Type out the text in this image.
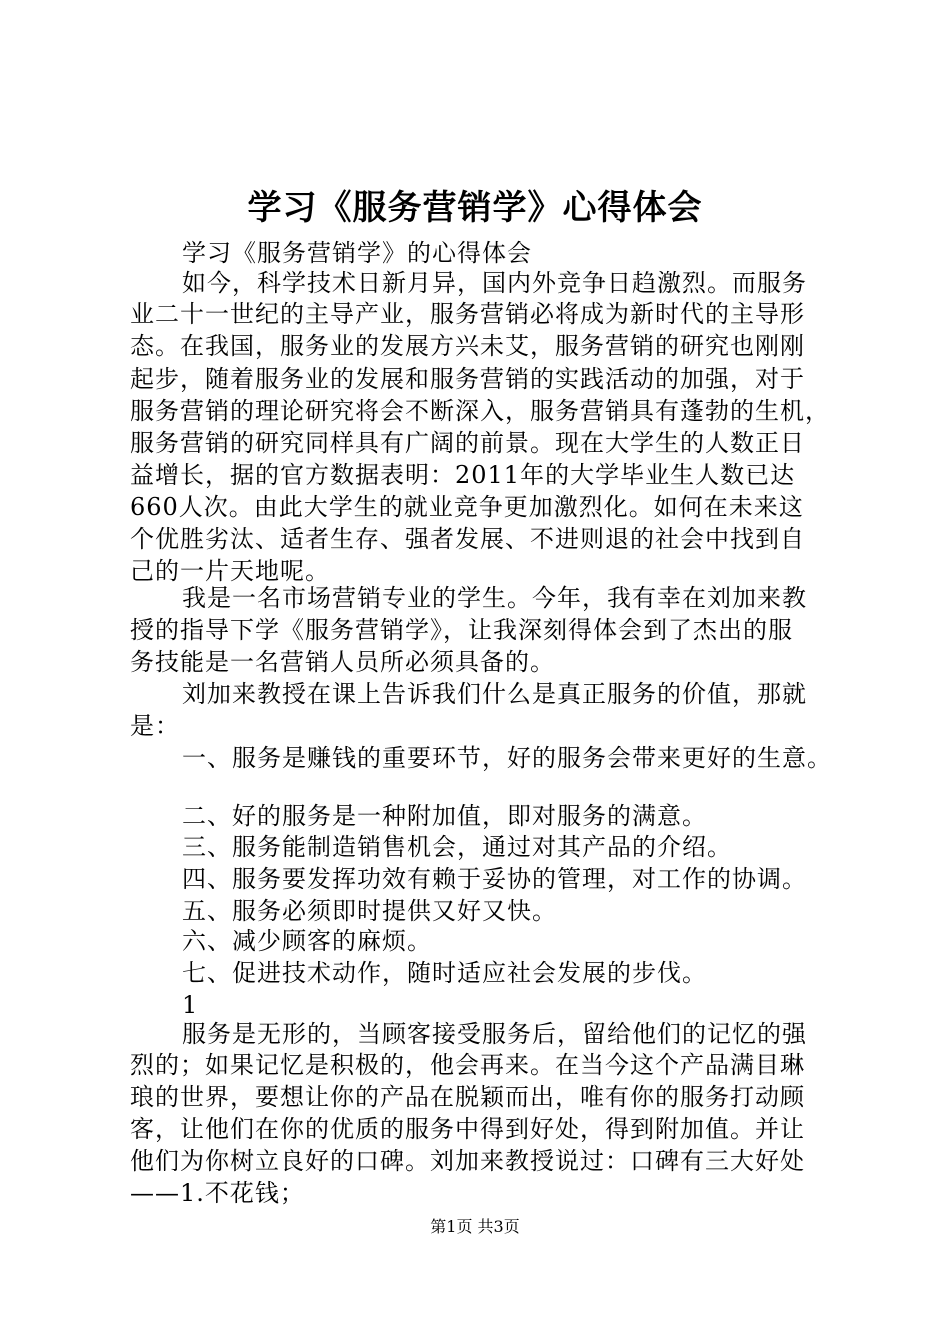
学习《服务营销学》心得体会
学习《服务营销学》的心得体会
如今，科学技术日新月异，国内外竞争日趋激烈。而服务
业二十一世纪的主导产业，服务营销必将成为新时代的主导形
态。在我国，服务业的发展方兴未艾，服务营销的研究也刚刚
起步，随着服务业的发展和服务营销的实践活动的加强，对于
服务营销的理论研究将会不断深入，服务营销具有蓬勃的生机，
服务营销的研究同样具有广阔的前景。现在大学生的人数正日
益增长，据的官方数据表明：2011年的大学毕业生人数已达
660人次。由此大学生的就业竞争更加激烈化。如何在未来这
个优胜劣汰、适者生存、强者发展、不进则退的社会中找到自
己的一片天地呢。
我是一名市场营销专业的学生。今年，我有幸在刘加来教
授的指导下学《服务营销学》，让我深刻得体会到了杰出的服
务技能是一名营销人员所必须具备的。
刘加来教授在课上告诉我们什么是真正服务的价值，那就
是：
一、服务是赚钱的重要环节，好的服务会带来更好的生意。
二、好的服务是一种附加值，即对服务的满意。
三、服务能制造销售机会，通过对其产品的介绍。
四、服务要发挥功效有赖于妥协的管理，对工作的协调。
五、服务必须即时提供又好又快。
六、减少顾客的麻烦。
七、促进技术动作，随时适应社会发展的步伐。
1
服务是无形的，当顾客接受服务后，留给他们的记忆的强
烈的；如果记忆是积极的，他会再来。在当今这个产品满目琳
琅的世界，要想让你的产品在脱颖而出，唯有你的服务打动顾
客，让他们在你的优质的服务中得到好处，得到附加值。并让
他们为你树立良好的口碑。刘加来教授说过：口碑有三大好处
——1.不花钱；
第1页 共3页
